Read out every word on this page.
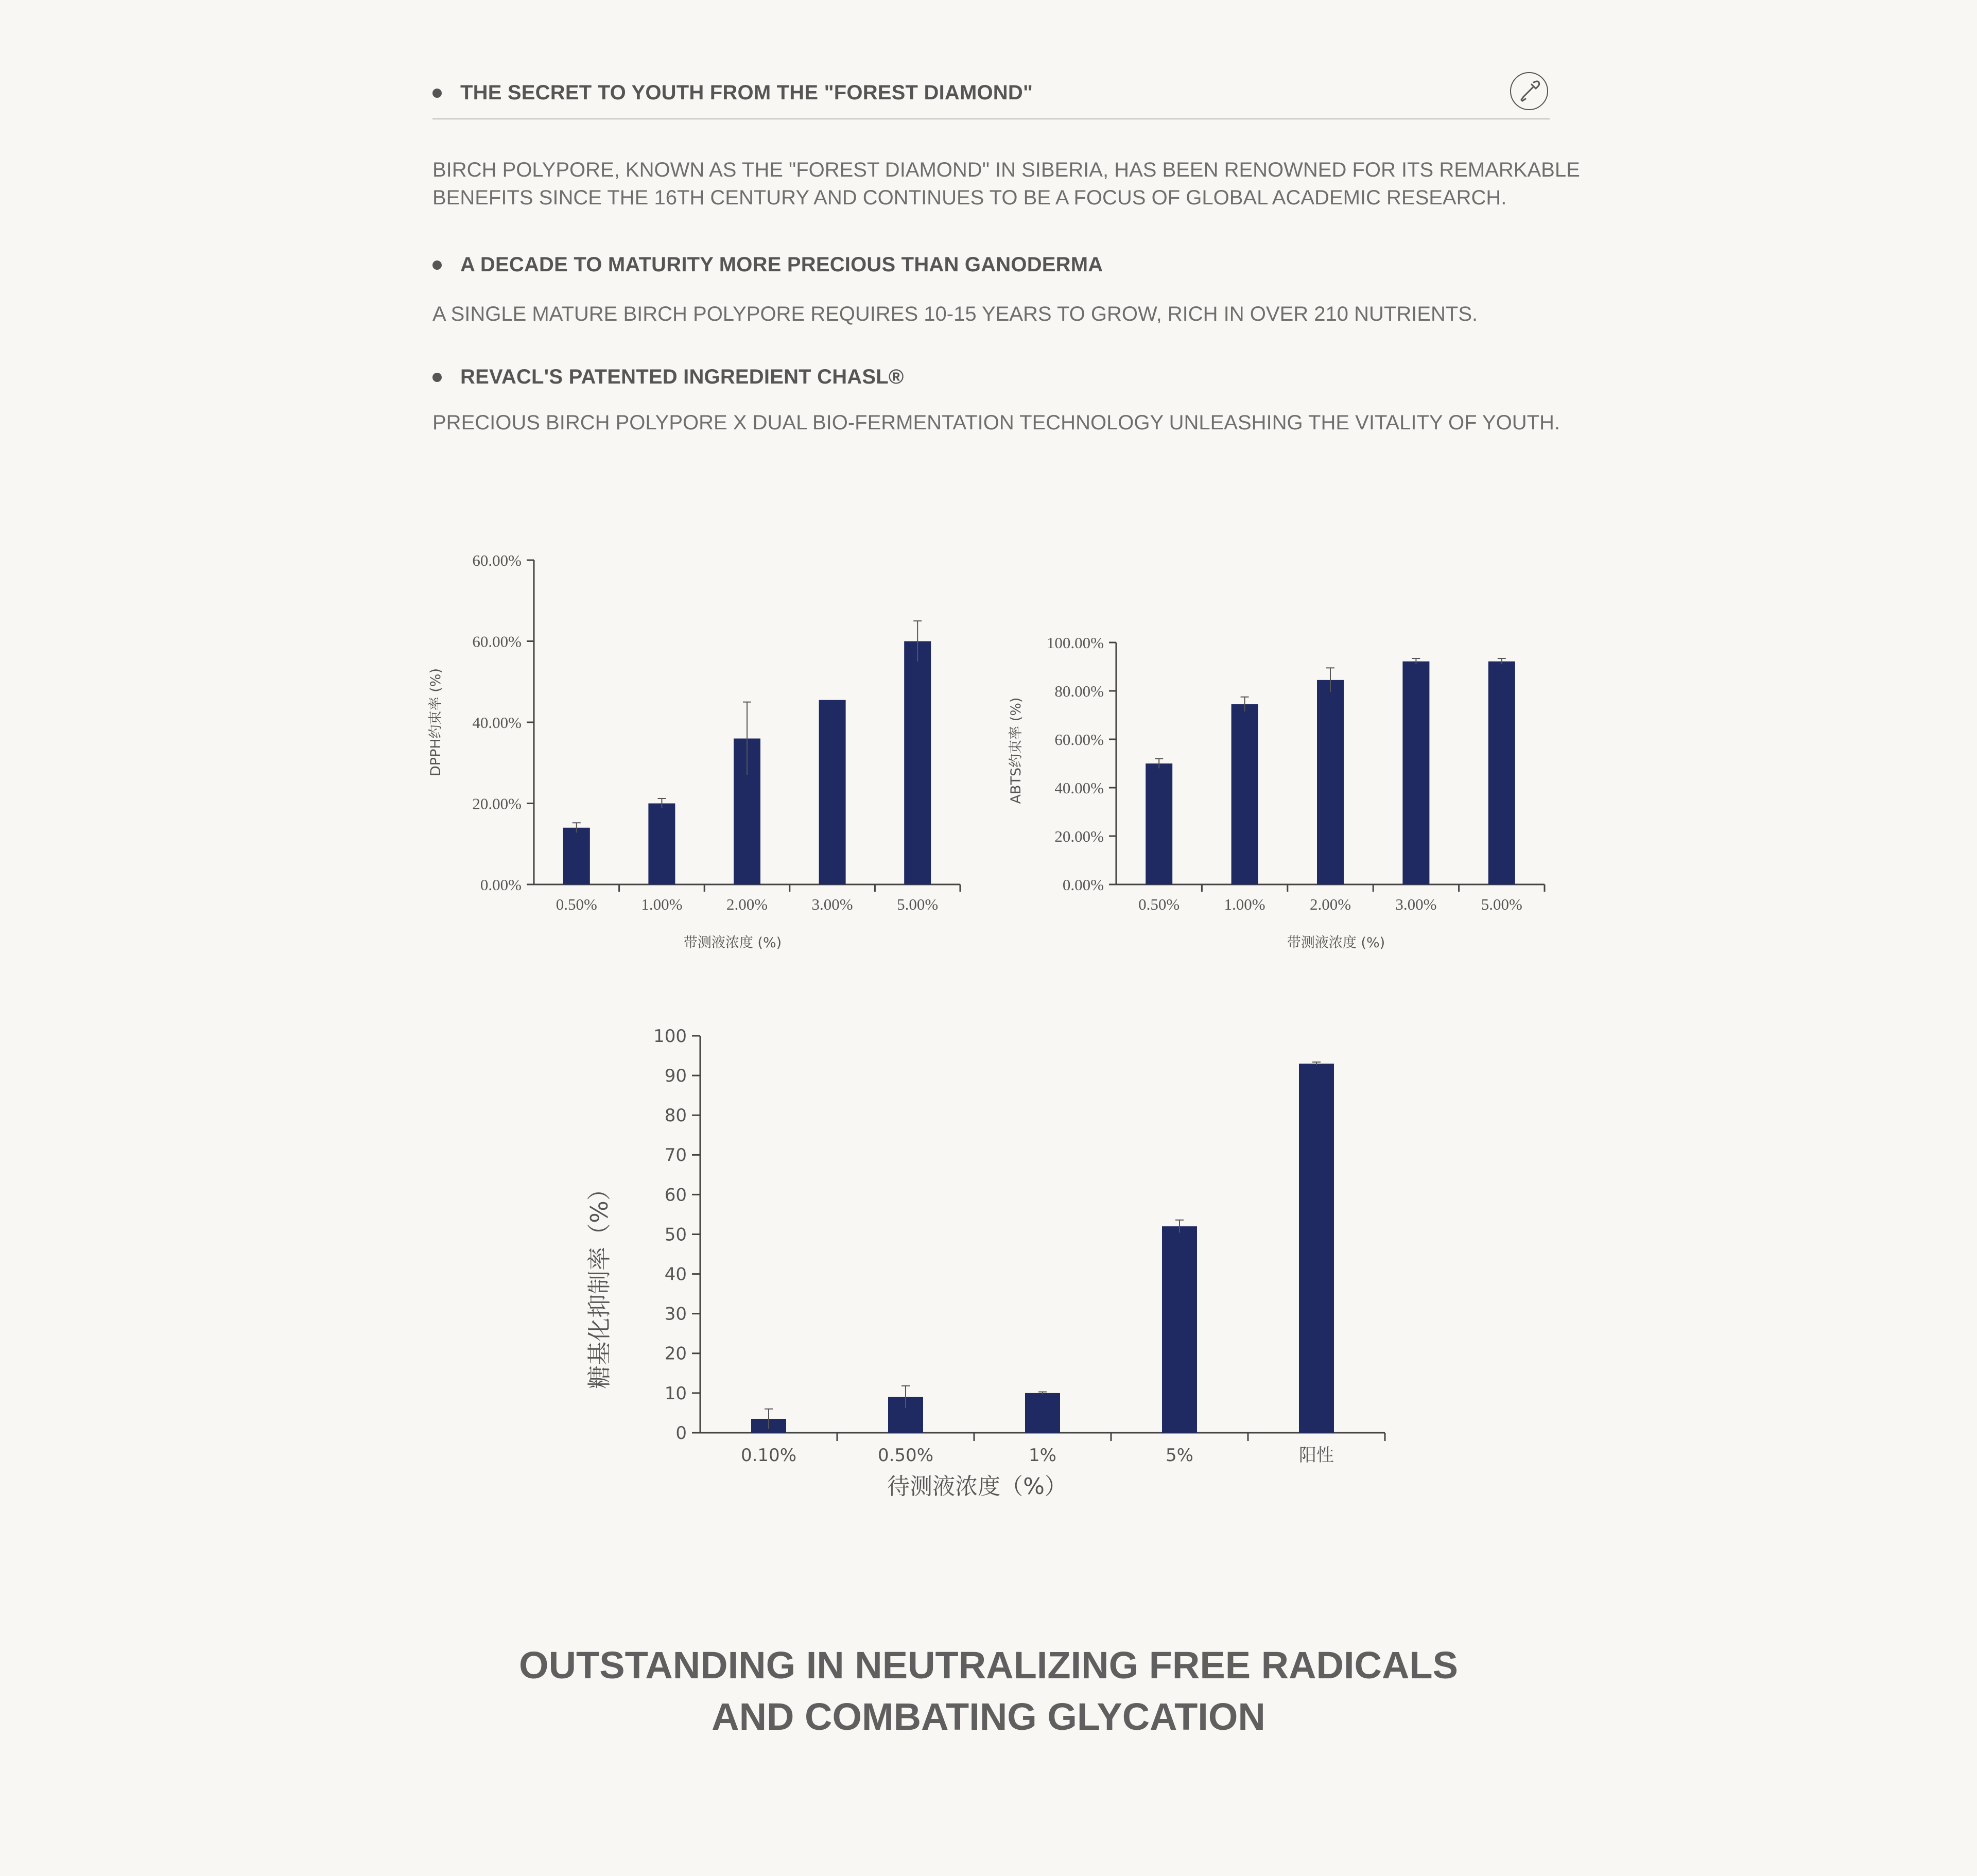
THE SECRET TO YOUTH FROM THE "FOREST DIAMOND"
BIRCH POLYPORE, KNOWN AS THE "FOREST DIAMOND" IN SIBERIA, HAS BEEN RENOWNED FOR ITS REMARKABLE
BENEFITS SINCE THE 16TH CENTURY AND CONTINUES TO BE A FOCUS OF GLOBAL ACADEMIC RESEARCH.
A DECADE TO MATURITY MORE PRECIOUS THAN GANODERMA
A SINGLE MATURE BIRCH POLYPORE REQUIRES 10-15 YEARS TO GROW, RICH IN OVER 210 NUTRIENTS.
REVACL'S PATENTED INGREDIENT CHASL®
PRECIOUS BIRCH POLYPORE X DUAL BIO-FERMENTATION TECHNOLOGY UNLEASHING THE VITALITY OF YOUTH.
0.00%
20.00%
40.00%
60.00%
60.00%
0.50%	1.00%	2.00%	3.00%	5.00%
带测液浓度 (%)
DPPH约束率 (%)
0.00%
20.00%
40.00%
60.00%
80.00%
100.00%
0.50%	1.00%	2.00%	3.00%	5.00%
带测液浓度 (%)
ABTS约束率 (%)
0
10
20
30
40
50
60
70
80
90
100
0.10%	0.50%	1%	5%	阳性
待测液浓度（%）
糖基化抑制率（%）
OUTSTANDING IN NEUTRALIZING FREE RADICALS
AND COMBATING GLYCATION
